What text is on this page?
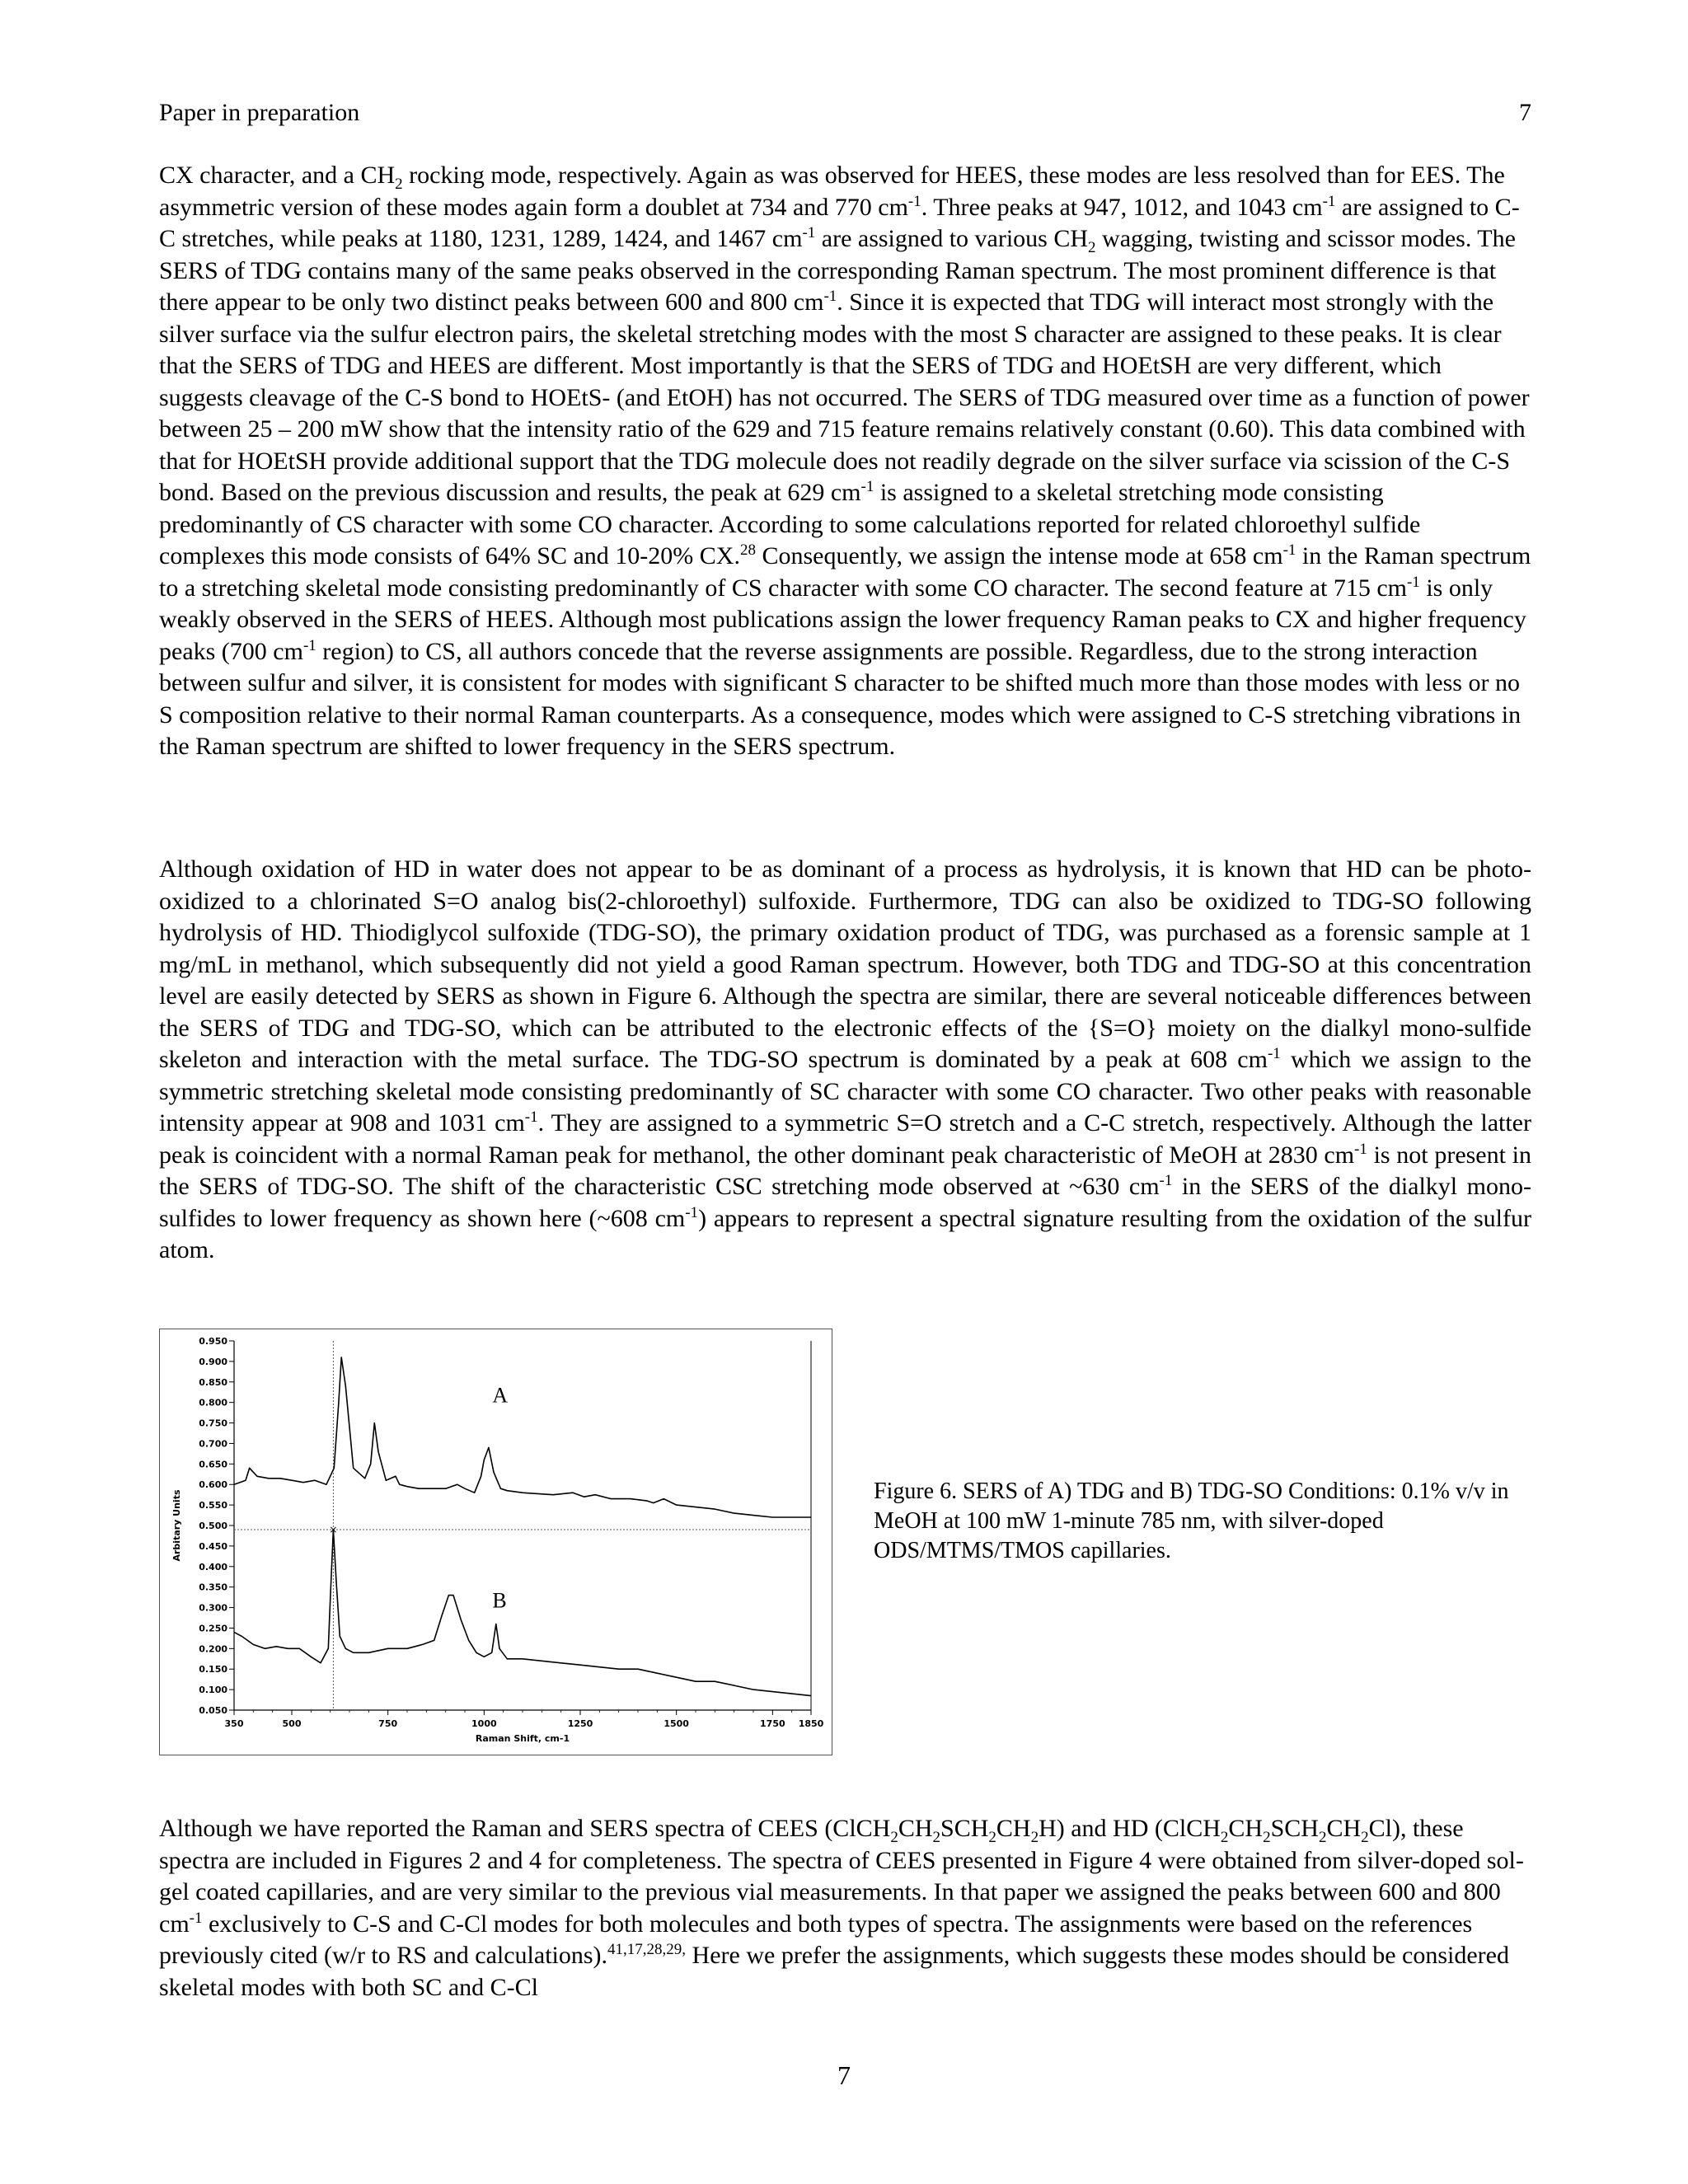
Paper in preparation	7

CX character, and a $CH_2$ rocking mode, respectively. Again as was observed for HEES, these modes are less resolved than for EES. The asymmetric version of these modes again form a doublet at 734 and 770 $cm^{-1}$. Three peaks at 947, 1012, and 1043 $cm^{-1}$ are assigned to C-C stretches, while peaks at 1180, 1231, 1289, 1424, and 1467 $cm^{-1}$ are assigned to various $CH_2$ wagging, twisting and scissor modes. The SERS of TDG contains many of the same peaks observed in the corresponding Raman spectrum. The most prominent difference is that there appear to be only two distinct peaks between 600 and 800 $cm^{-1}$. Since it is expected that TDG will interact most strongly with the silver surface via the sulfur electron pairs, the skeletal stretching modes with the most S character are assigned to these peaks. It is clear that the SERS of TDG and HEES are different. Most importantly is that the SERS of TDG and HOEtSH are very different, which suggests cleavage of the C-S bond to HOEtS- (and EtOH) has not occurred. The SERS of TDG measured over time as a function of power between 25 – 200 mW show that the intensity ratio of the 629 and 715 feature remains relatively constant (0.60). This data combined with that for HOEtSH provide additional support that the TDG molecule does not readily degrade on the silver surface via scission of the C-S bond. Based on the previous discussion and results, the peak at 629 $cm^{-1}$ is assigned to a skeletal stretching mode consisting predominantly of CS character with some CO character. According to some calculations reported for related chloroethyl sulfide complexes this mode consists of 64% SC and 10-20% CX.$^{28}$ Consequently, we assign the intense mode at 658 $cm^{-1}$ in the Raman spectrum to a stretching skeletal mode consisting predominantly of CS character with some CO character. The second feature at 715 $cm^{-1}$ is only weakly observed in the SERS of HEES. Although most publications assign the lower frequency Raman peaks to CX and higher frequency peaks (700 $cm^{-1}$ region) to CS, all authors concede that the reverse assignments are possible. Regardless, due to the strong interaction between sulfur and silver, it is consistent for modes with significant S character to be shifted much more than those modes with less or no S composition relative to their normal Raman counterparts. As a consequence, modes which were assigned to C-S stretching vibrations in the Raman spectrum are shifted to lower frequency in the SERS spectrum.

Although oxidation of HD in water does not appear to be as dominant of a process as hydrolysis, it is known that HD can be photo-oxidized to a chlorinated S=O analog bis(2-chloroethyl) sulfoxide. Furthermore, TDG can also be oxidized to TDG-SO following hydrolysis of HD. Thiodiglycol sulfoxide (TDG-SO), the primary oxidation product of TDG, was purchased as a forensic sample at 1 mg/mL in methanol, which subsequently did not yield a good Raman spectrum. However, both TDG and TDG-SO at this concentration level are easily detected by SERS as shown in Figure 6. Although the spectra are similar, there are several noticeable differences between the SERS of TDG and TDG-SO, which can be attributed to the electronic effects of the {S=O} moiety on the dialkyl mono-sulfide skeleton and interaction with the metal surface. The TDG-SO spectrum is dominated by a peak at 608 $cm^{-1}$ which we assign to the symmetric stretching skeletal mode consisting predominantly of SC character with some CO character. Two other peaks with reasonable intensity appear at 908 and 1031 $cm^{-1}$. They are assigned to a symmetric S=O stretch and a C-C stretch, respectively. Although the latter peak is coincident with a normal Raman peak for methanol, the other dominant peak characteristic of MeOH at 2830 $cm^{-1}$ is not present in the SERS of TDG-SO. The shift of the characteristic CSC stretching mode observed at ~630 $cm^{-1}$ in the SERS of the dialkyl mono-sulfides to lower frequency as shown here (~608 $cm^{-1}$) appears to represent a spectral signature resulting from the oxidation of the sulfur atom.

0.050
0.100
0.150
0.200
0.250
0.300
0.350
0.400
0.450
0.500
0.550
0.600
0.650
0.700
0.750
0.800
0.850
0.900
0.950
350	500	750	1000	1250	1500	1750 1850
Raman Shift, cm-1
Arbitary Units	×
A
B

Figure 6. SERS of A) TDG and B) TDG-SO Conditions: 0.1% v/v in MeOH at 100 mW 1-minute 785 nm, with silver-doped ODS/MTMS/TMOS capillaries.

Although we have reported the Raman and SERS spectra of CEES $(ClCH_2CH_2SCH_2CH_2H)$ and HD $(ClCH_2CH_2SCH_2CH_2Cl)$, these spectra are included in Figures 2 and 4 for completeness. The spectra of CEES presented in Figure 4 were obtained from silver-doped sol-gel coated capillaries, and are very similar to the previous vial measurements. In that paper we assigned the peaks between 600 and 800 $cm^{-1}$ exclusively to C-S and C-Cl modes for both molecules and both types of spectra. The assignments were based on the references previously cited (w/r to RS and calculations).$^{41,17,28,29,}$ Here we prefer the assignments, which suggests these modes should be considered skeletal modes with both SC and C-Cl

7
